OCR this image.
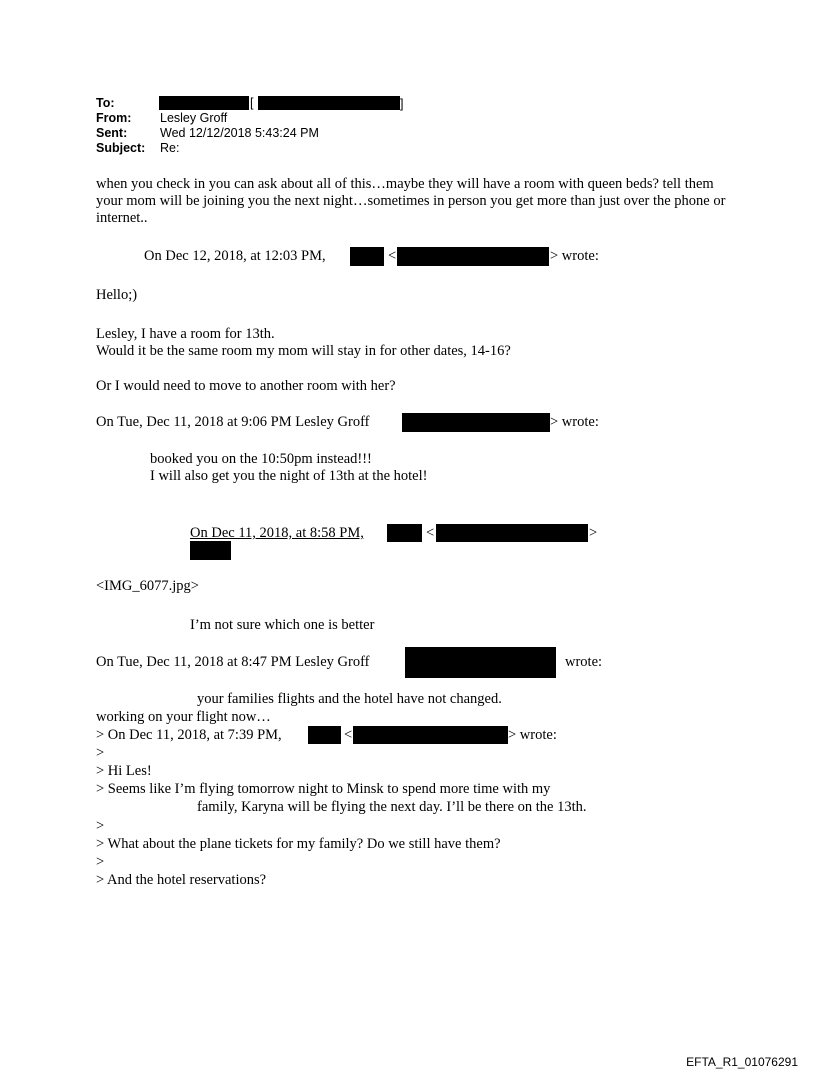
To:	[	]
From: Lesley Groff
Sent:	Wed 12/12/2018 5:43:24 PM
Subject: Re:
when you check in you can ask about all of this…maybe they will have a room with queen beds? tell them your mom will be joining you the next night…sometimes in person you get more than just over the phone or internet..
On Dec 12, 2018, at 12:03 PM,	<	> wrote:
Hello;)
Lesley, I have a room for 13th.
Would it be the same room my mom will stay in for other dates, 14-16?
Or I would need to move to another room with her?
On Tue, Dec 11, 2018 at 9:06 PM Lesley Groff	> wrote:
booked you on the 10:50pm instead!!!
I will also get you the night of 13th at the hotel!
On Dec 11, 2018, at 8:58 PM,	<	>
<IMG_6077.jpg>
I’m not sure which one is better
On Tue, Dec 11, 2018 at 8:47 PM Lesley Groff	wrote:
your families flights and the hotel have not changed.
working on your flight now…
> On Dec 11, 2018, at 7:39 PM,	<	> wrote:
>
> Hi Les!
> Seems like I’m flying tomorrow night to Minsk to spend more time with my
family, Karyna will be flying the next day. I’ll be there on the 13th.
>
> What about the plane tickets for my family? Do we still have them?
>
> And the hotel reservations?
EFTA_R1_01076291
